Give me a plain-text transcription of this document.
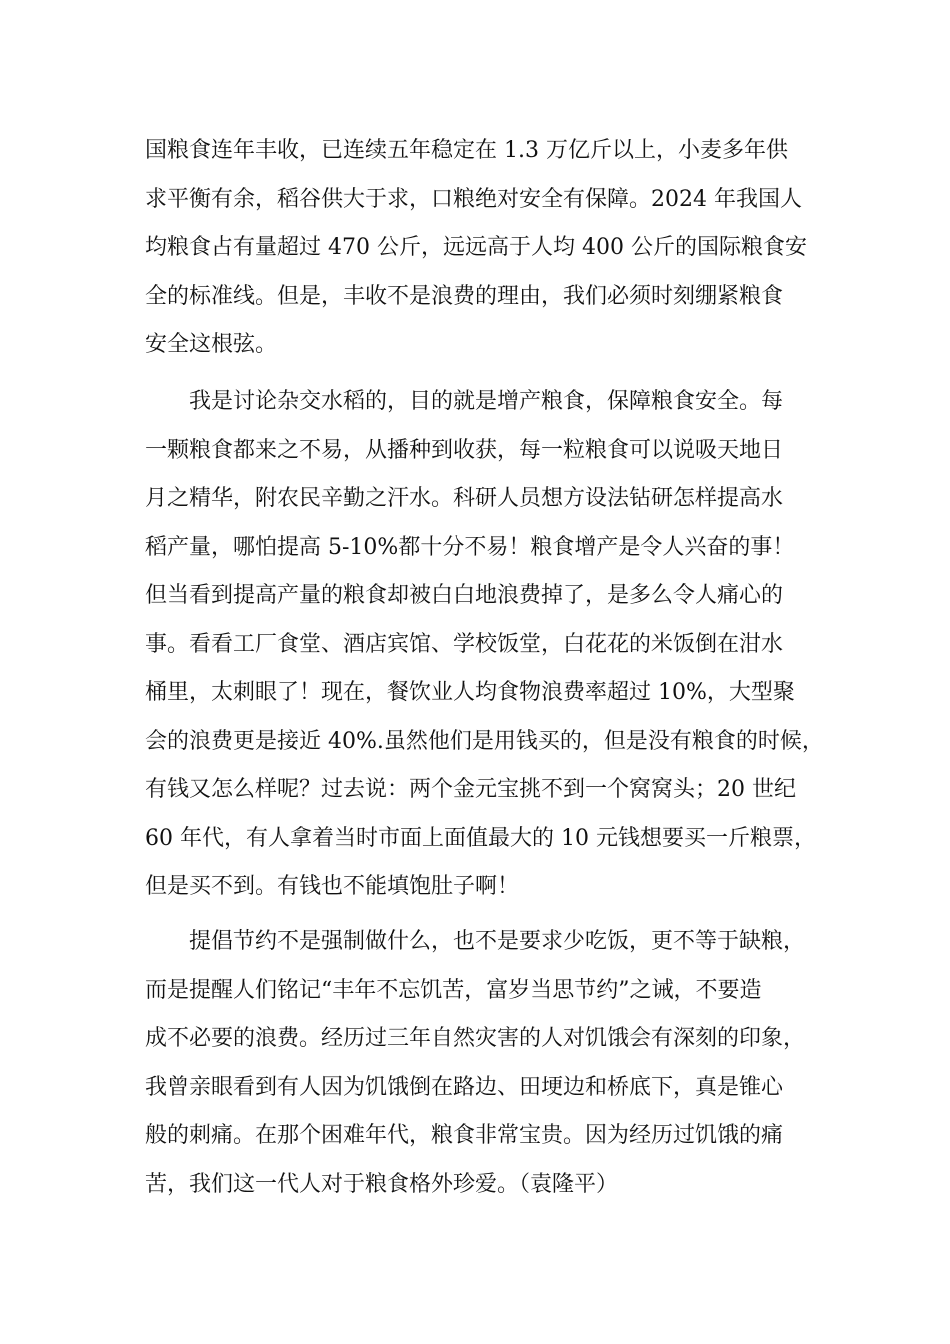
国粮食连年丰收，已连续五年稳定在 1.3 万亿斤以上，小麦多年供
求平衡有余，稻谷供大于求，口粮绝对安全有保障。2024 年我国人
均粮食占有量超过 470 公斤，远远高于人均 400 公斤的国际粮食安
全的标准线。但是，丰收不是浪费的理由，我们必须时刻绷紧粮食
安全这根弦。
　　我是讨论杂交水稻的，目的就是增产粮食，保障粮食安全。每
一颗粮食都来之不易，从播种到收获，每一粒粮食可以说吸天地日
月之精华，附农民辛勤之汗水。科研人员想方设法钻研怎样提高水
稻产量，哪怕提高 5-10%都十分不易！粮食增产是令人兴奋的事！
但当看到提高产量的粮食却被白白地浪费掉了，是多么令人痛心的
事。看看工厂食堂、酒店宾馆、学校饭堂，白花花的米饭倒在泔水
桶里，太刺眼了！现在，餐饮业人均食物浪费率超过 10%，大型聚
会的浪费更是接近 40%.虽然他们是用钱买的，但是没有粮食的时候，
有钱又怎么样呢？过去说：两个金元宝挑不到一个窝窝头；20 世纪
60 年代，有人拿着当时市面上面值最大的 10 元钱想要买一斤粮票，
但是买不到。有钱也不能填饱肚子啊！
　　提倡节约不是强制做什么，也不是要求少吃饭，更不等于缺粮，
而是提醒人们铭记“丰年不忘饥苦，富岁当思节约”之诫，不要造
成不必要的浪费。经历过三年自然灾害的人对饥饿会有深刻的印象，
我曾亲眼看到有人因为饥饿倒在路边、田埂边和桥底下，真是锥心
般的刺痛。在那个困难年代，粮食非常宝贵。因为经历过饥饿的痛
苦，我们这一代人对于粮食格外珍爱。（袁隆平）
